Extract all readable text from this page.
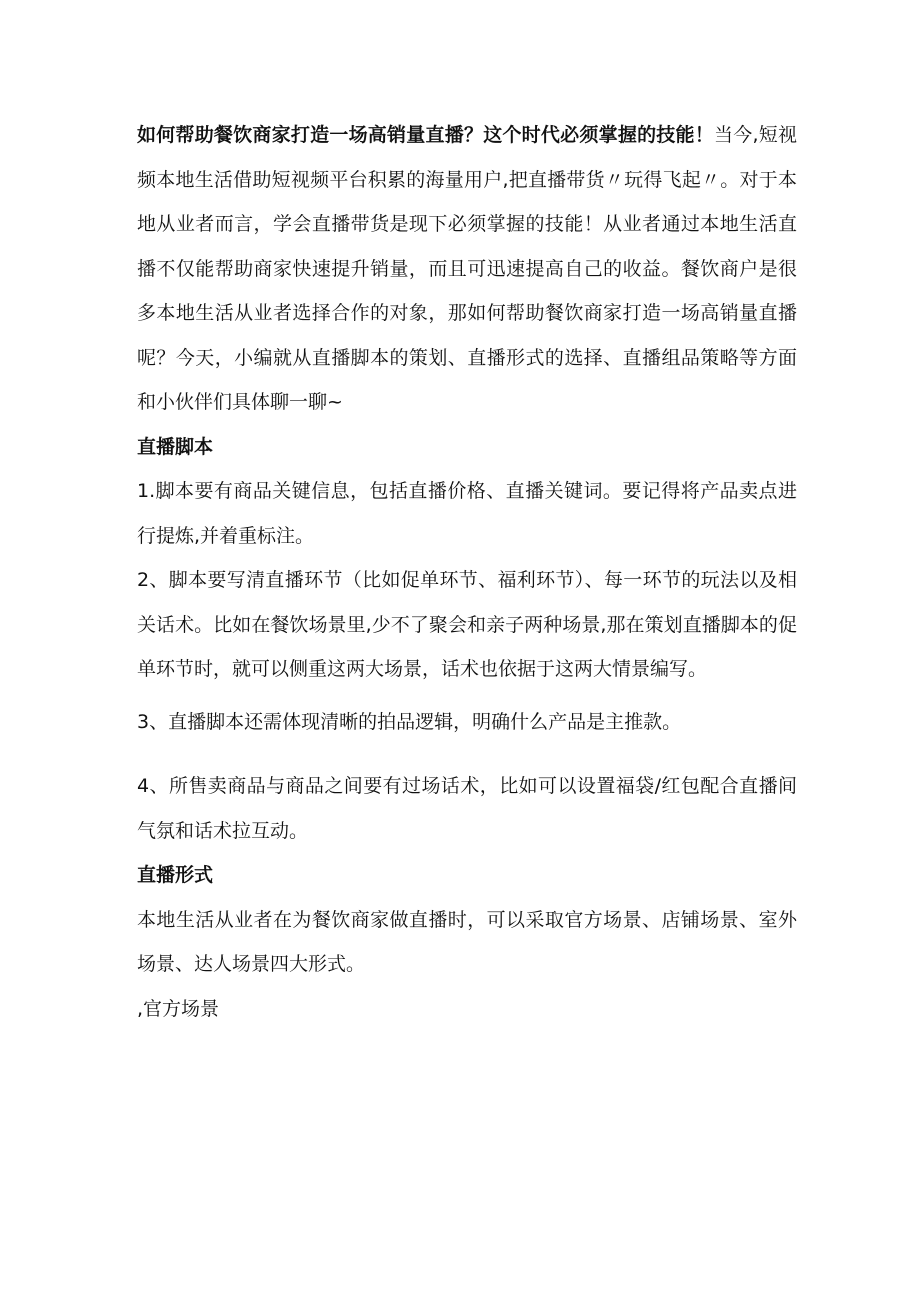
如何帮助餐饮商家打造一场高销量直播？这个时代必须掌握的技能！当今,短视频本地生活借助短视频平台积累的海量用户,把直播带货〃玩得飞起〃。对于本地从业者而言，学会直播带货是现下必须掌握的技能！从业者通过本地生活直播不仅能帮助商家快速提升销量，而且可迅速提高自己的收益。餐饮商户是很多本地生活从业者选择合作的对象，那如何帮助餐饮商家打造一场高销量直播呢？今天，小编就从直播脚本的策划、直播形式的选择、直播组品策略等方面和小伙伴们具体聊一聊~

直播脚本

1.脚本要有商品关键信息，包括直播价格、直播关键词。要记得将产品卖点进行提炼,并着重标注。

2、脚本要写清直播环节（比如促单环节、福利环节）、每一环节的玩法以及相关话术。比如在餐饮场景里,少不了聚会和亲子两种场景,那在策划直播脚本的促单环节时，就可以侧重这两大场景，话术也依据于这两大情景编写。

3、直播脚本还需体现清晰的拍品逻辑，明确什么产品是主推款。

4、所售卖商品与商品之间要有过场话术，比如可以设置福袋/红包配合直播间气氛和话术拉互动。

直播形式

本地生活从业者在为餐饮商家做直播时，可以采取官方场景、店铺场景、室外场景、达人场景四大形式。

,官方场景
